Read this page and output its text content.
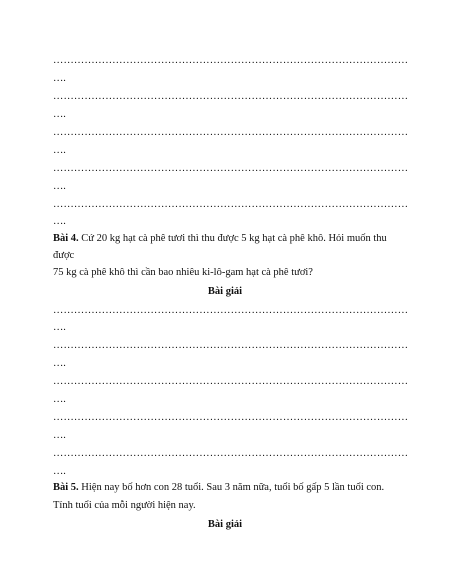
…………………………………………………………………………………………
….
…………………………………………………………………………………………
….
…………………………………………………………………………………………
….
…………………………………………………………………………………………
….
…………………………………………………………………………………………
….
Bài 4. Cứ 20 kg hạt cà phê tươi thì thu được 5 kg hạt cà phê khô. Hỏi muốn thu
được
75 kg cà phê khô thì cần bao nhiêu ki-lô-gam hạt cà phê tươi?
Bài giải
…………………………………………………………………………………………
….
…………………………………………………………………………………………
….
…………………………………………………………………………………………
….
…………………………………………………………………………………………
….
…………………………………………………………………………………………
….
Bài 5. Hiện nay bố hơn con 28 tuổi. Sau 3 năm nữa, tuổi bố gấp 5 lần tuổi con.
Tính tuổi của mỗi người hiện nay.
Bài giải
